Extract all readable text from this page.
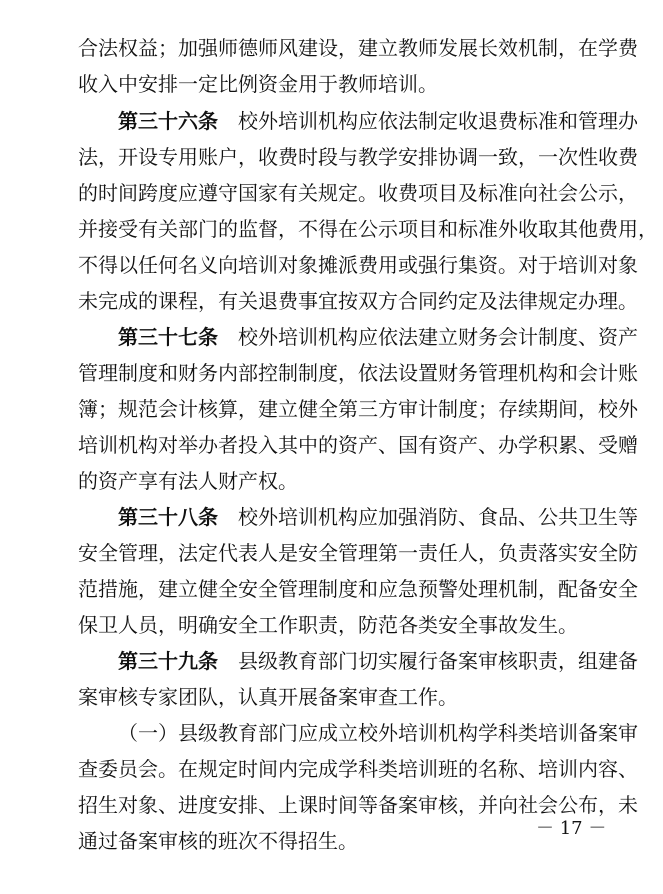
合法权益；加强师德师风建设，建立教师发展长效机制，在学费
收入中安排一定比例资金用于教师培训。
第三十六条　校外培训机构应依法制定收退费标准和管理办
法，开设专用账户，收费时段与教学安排协调一致，一次性收费
的时间跨度应遵守国家有关规定。收费项目及标准向社会公示，
并接受有关部门的监督，不得在公示项目和标准外收取其他费用，
不得以任何名义向培训对象摊派费用或强行集资。对于培训对象
未完成的课程，有关退费事宜按双方合同约定及法律规定办理。
第三十七条　校外培训机构应依法建立财务会计制度、资产
管理制度和财务内部控制制度，依法设置财务管理机构和会计账
簿；规范会计核算，建立健全第三方审计制度；存续期间，校外
培训机构对举办者投入其中的资产、国有资产、办学积累、受赠
的资产享有法人财产权。
第三十八条　校外培训机构应加强消防、食品、公共卫生等
安全管理，法定代表人是安全管理第一责任人，负责落实安全防
范措施，建立健全安全管理制度和应急预警处理机制，配备安全
保卫人员，明确安全工作职责，防范各类安全事故发生。
第三十九条　县级教育部门切实履行备案审核职责，组建备
案审核专家团队，认真开展备案审查工作。
（一）县级教育部门应成立校外培训机构学科类培训备案审
查委员会。在规定时间内完成学科类培训班的名称、培训内容、
招生对象、进度安排、上课时间等备案审核，并向社会公布，未
通过备案审核的班次不得招生。
－ 17 －
